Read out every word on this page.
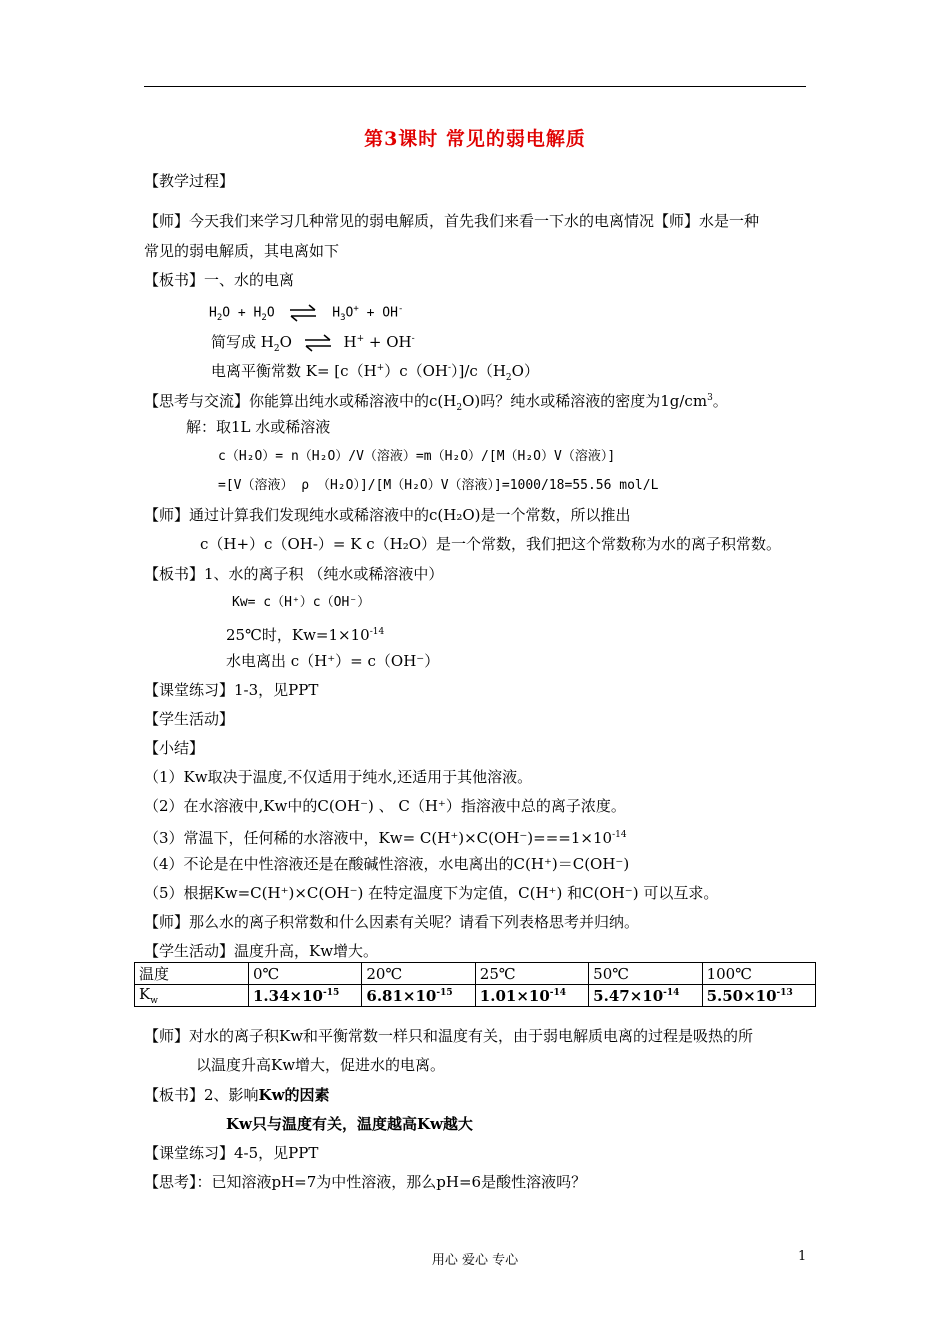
第3课时 常见的弱电解质
【教学过程】
【师】今天我们来学习几种常见的弱电解质，首先我们来看一下水的电离情况【师】水是一种
常见的弱电解质，其电离如下
【板书】一、水的电离
$H_2O + H_2O$ ⇌ $H_3O^+ + OH^-$
简写成 $H_2O$ ⇌ H+ + OH-
电离平衡常数 $K= [c(H^+)c(OH^-)]/c(H_2O)$
【思考与交流】你能算出纯水或稀溶液中的$c(H_2O)$吗？纯水或稀溶液的密度为$1g/cm^3$。
解：取1L 水或稀溶液
c（H₂O）= n（H₂O）/V（溶液）=m（H₂O）/[M（H₂O）V（溶液）]
=[V（溶液） ρ （H₂O）]/[M（H₂O）V（溶液）]=1000/18=55.56 mol/L
【师】通过计算我们发现纯水或稀溶液中的c(H₂O)是一个常数，所以推出
c（H+）c（OH-）= K c（H₂O）是一个常数，我们把这个常数称为水的离子积常数。
【板书】1、水的离子积 （纯水或稀溶液中）
Kw= c（H⁺）c（OH⁻）
25℃时，$Kw=1\times 10^{-14}$
水电离出 c（H⁺）= c（OH⁻）
【课堂练习】1-3，见PPT
【学生活动】
【小结】
（1）Kw取决于温度,不仅适用于纯水,还适用于其他溶液。
（2）在水溶液中,Kw中的C(OH⁻) 、 C（H⁺）指溶液中总的离子浓度。
（3）常温下，任何稀的水溶液中，$Kw= C(H^+)\times C(OH^-)===1\times 10^{-14}$
（4）不论是在中性溶液还是在酸碱性溶液，水电离出的C(H⁺)＝C(OH⁻)
（5）根据Kw=C(H⁺)×C(OH⁻) 在特定温度下为定值，C(H⁺) 和C(OH⁻) 可以互求。
【师】那么水的离子积常数和什么因素有关呢？请看下列表格思考并归纳。
【学生活动】温度升高，Kw增大。
温度	0℃	20℃	25℃	50℃	100℃
$K_w$	$1.34\times 10^{-15}$	$6.81\times 10^{-15}$	$1.01\times 10^{-14}$	$5.47\times 10^{-14}$	$5.50\times 10^{-13}$
【师】对水的离子积Kw和平衡常数一样只和温度有关，由于弱电解质电离的过程是吸热的所
以温度升高Kw增大，促进水的电离。
【板书】2、影响Kw的因素
Kw只与温度有关，温度越高Kw越大
【课堂练习】4-5，见PPT
【思考】：已知溶液pH=7为中性溶液，那么pH=6是酸性溶液吗？
用心 爱心 专心	1
